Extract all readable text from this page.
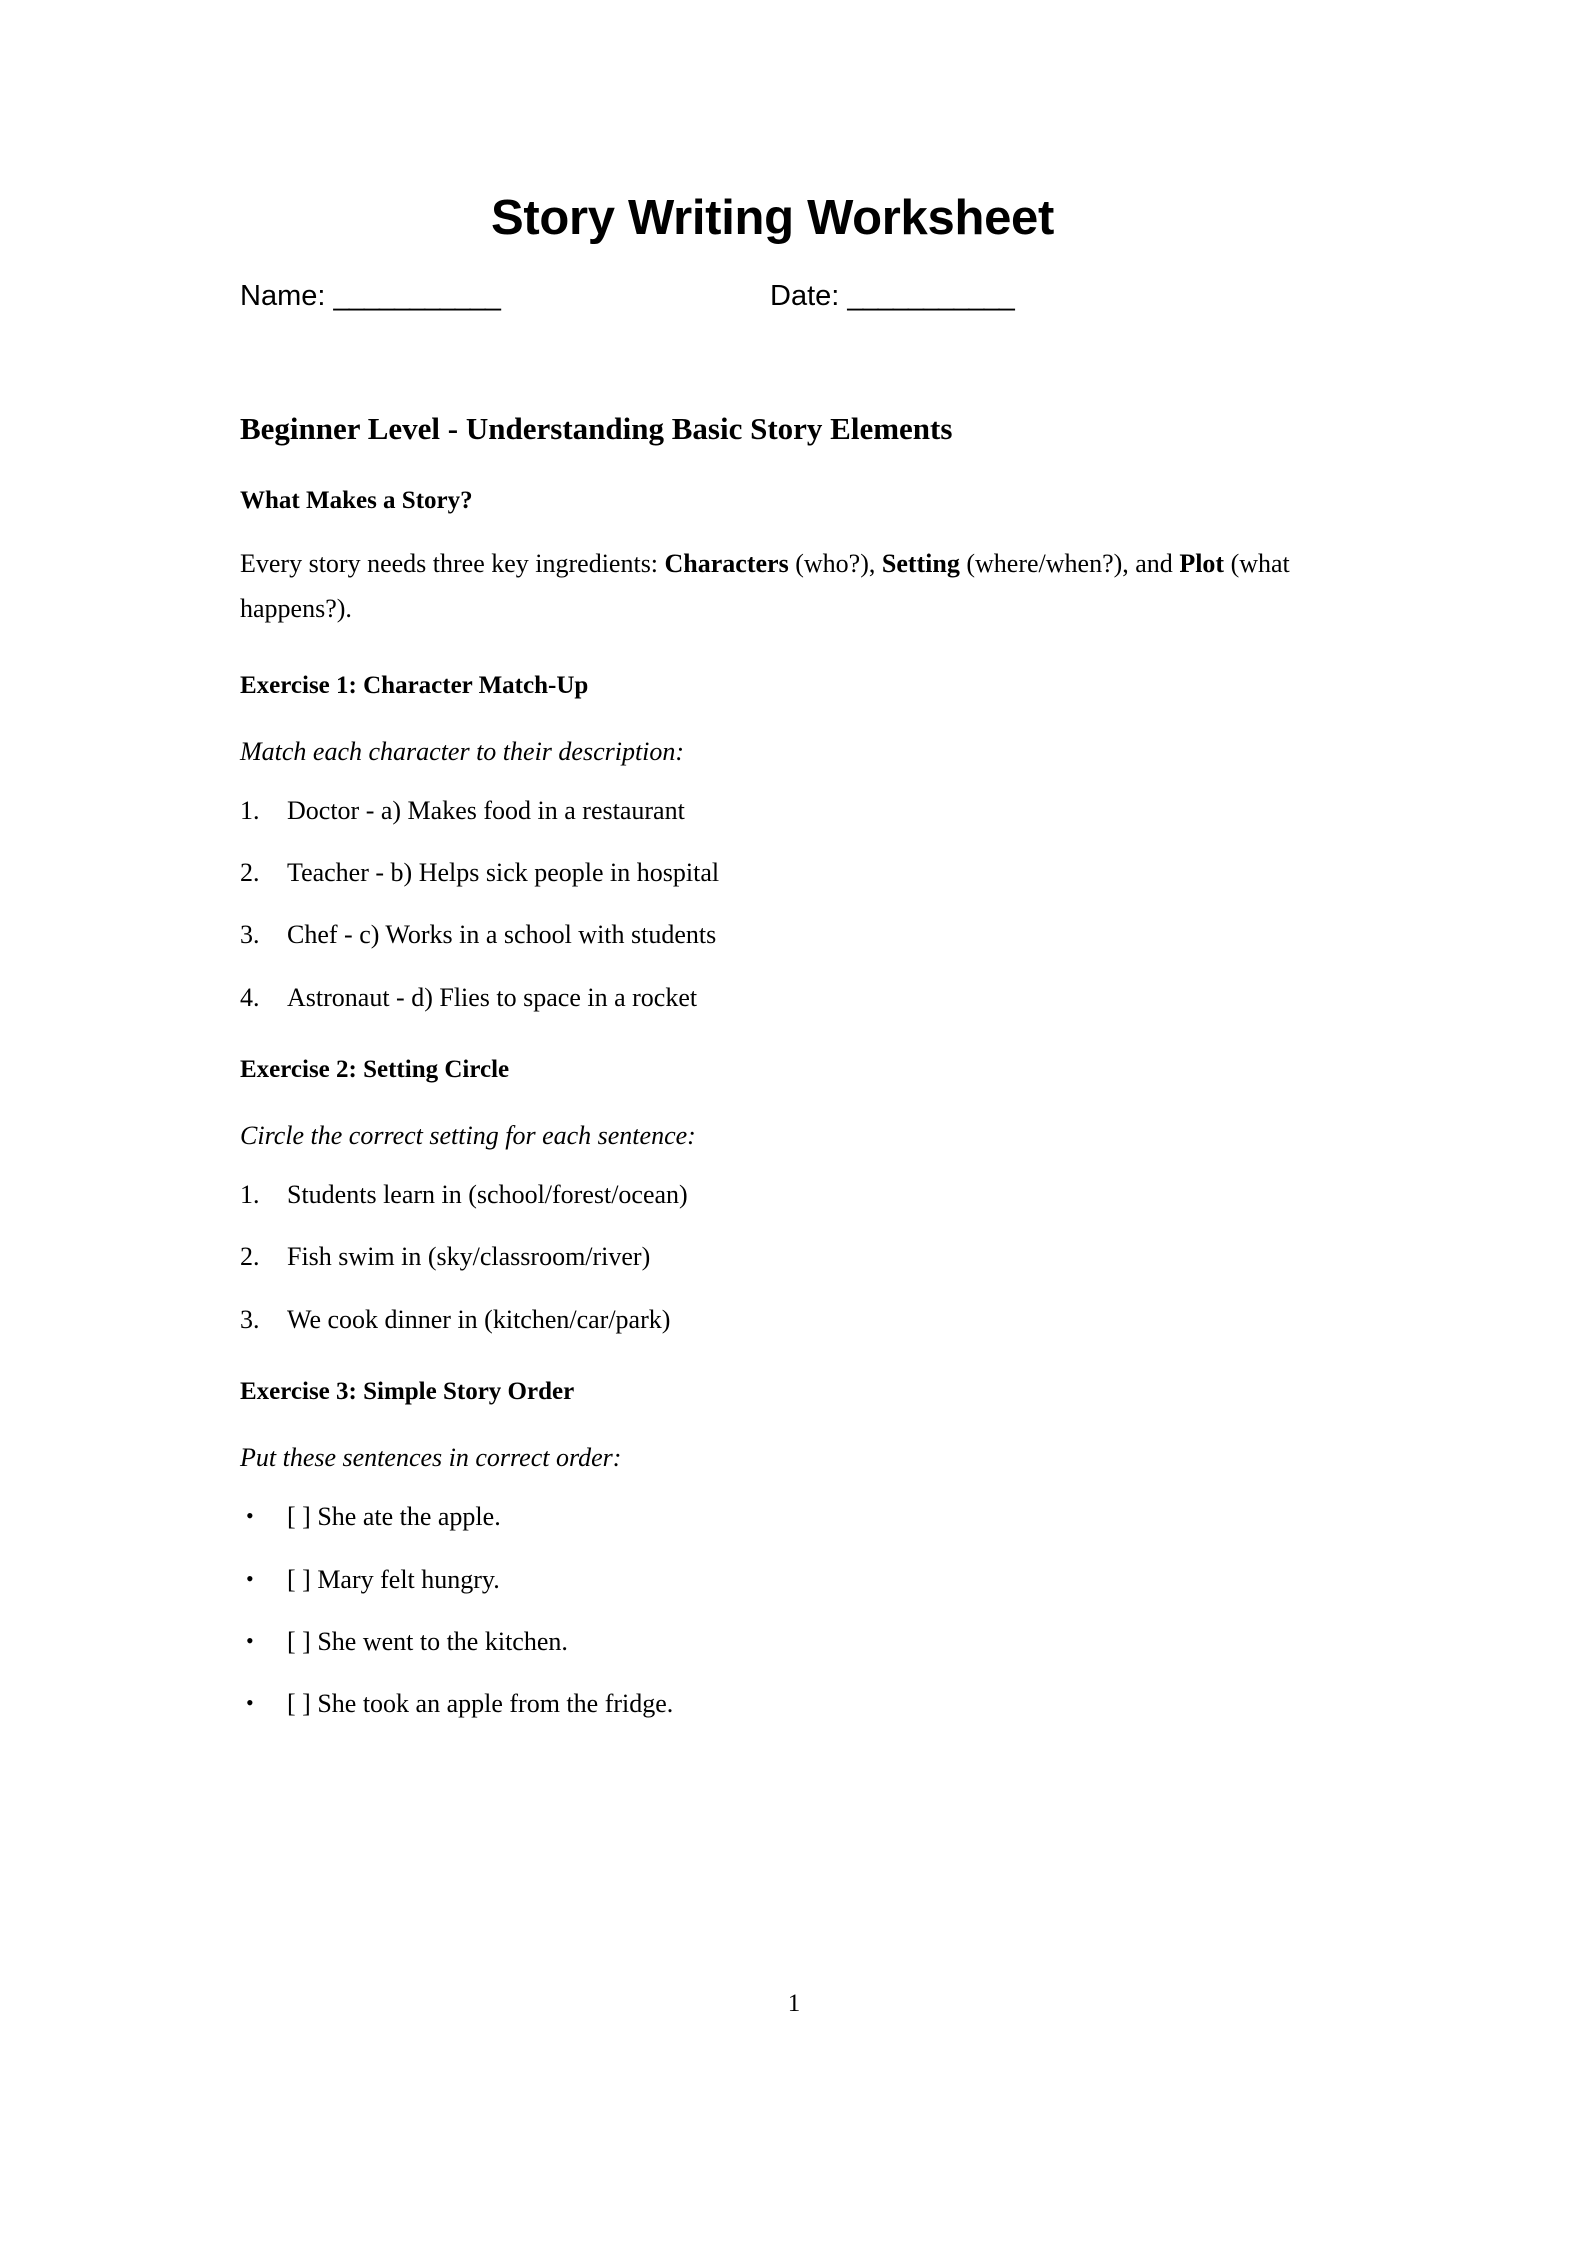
Story Writing Worksheet
Name: ___________	Date: ___________
Beginner Level - Understanding Basic Story Elements
What Makes a Story?

Every story needs three key ingredients: Characters (who?), Setting (where/when?), and Plot (what happens?).

Exercise 1: Character Match-Up

Match each character to their description:

1. Doctor - a) Makes food in a restaurant
2. Teacher - b) Helps sick people in hospital
3. Chef - c) Works in a school with students
4. Astronaut - d) Flies to space in a rocket
Exercise 2: Setting Circle

Circle the correct setting for each sentence:

1. Students learn in (school/forest/ocean)
2. Fish swim in (sky/classroom/river)
3. We cook dinner in (kitchen/car/park)
Exercise 3: Simple Story Order

Put these sentences in correct order:

• [ ] She ate the apple.
• [ ] Mary felt hungry.
• [ ] She went to the kitchen.
• [ ] She took an apple from the fridge.
1
